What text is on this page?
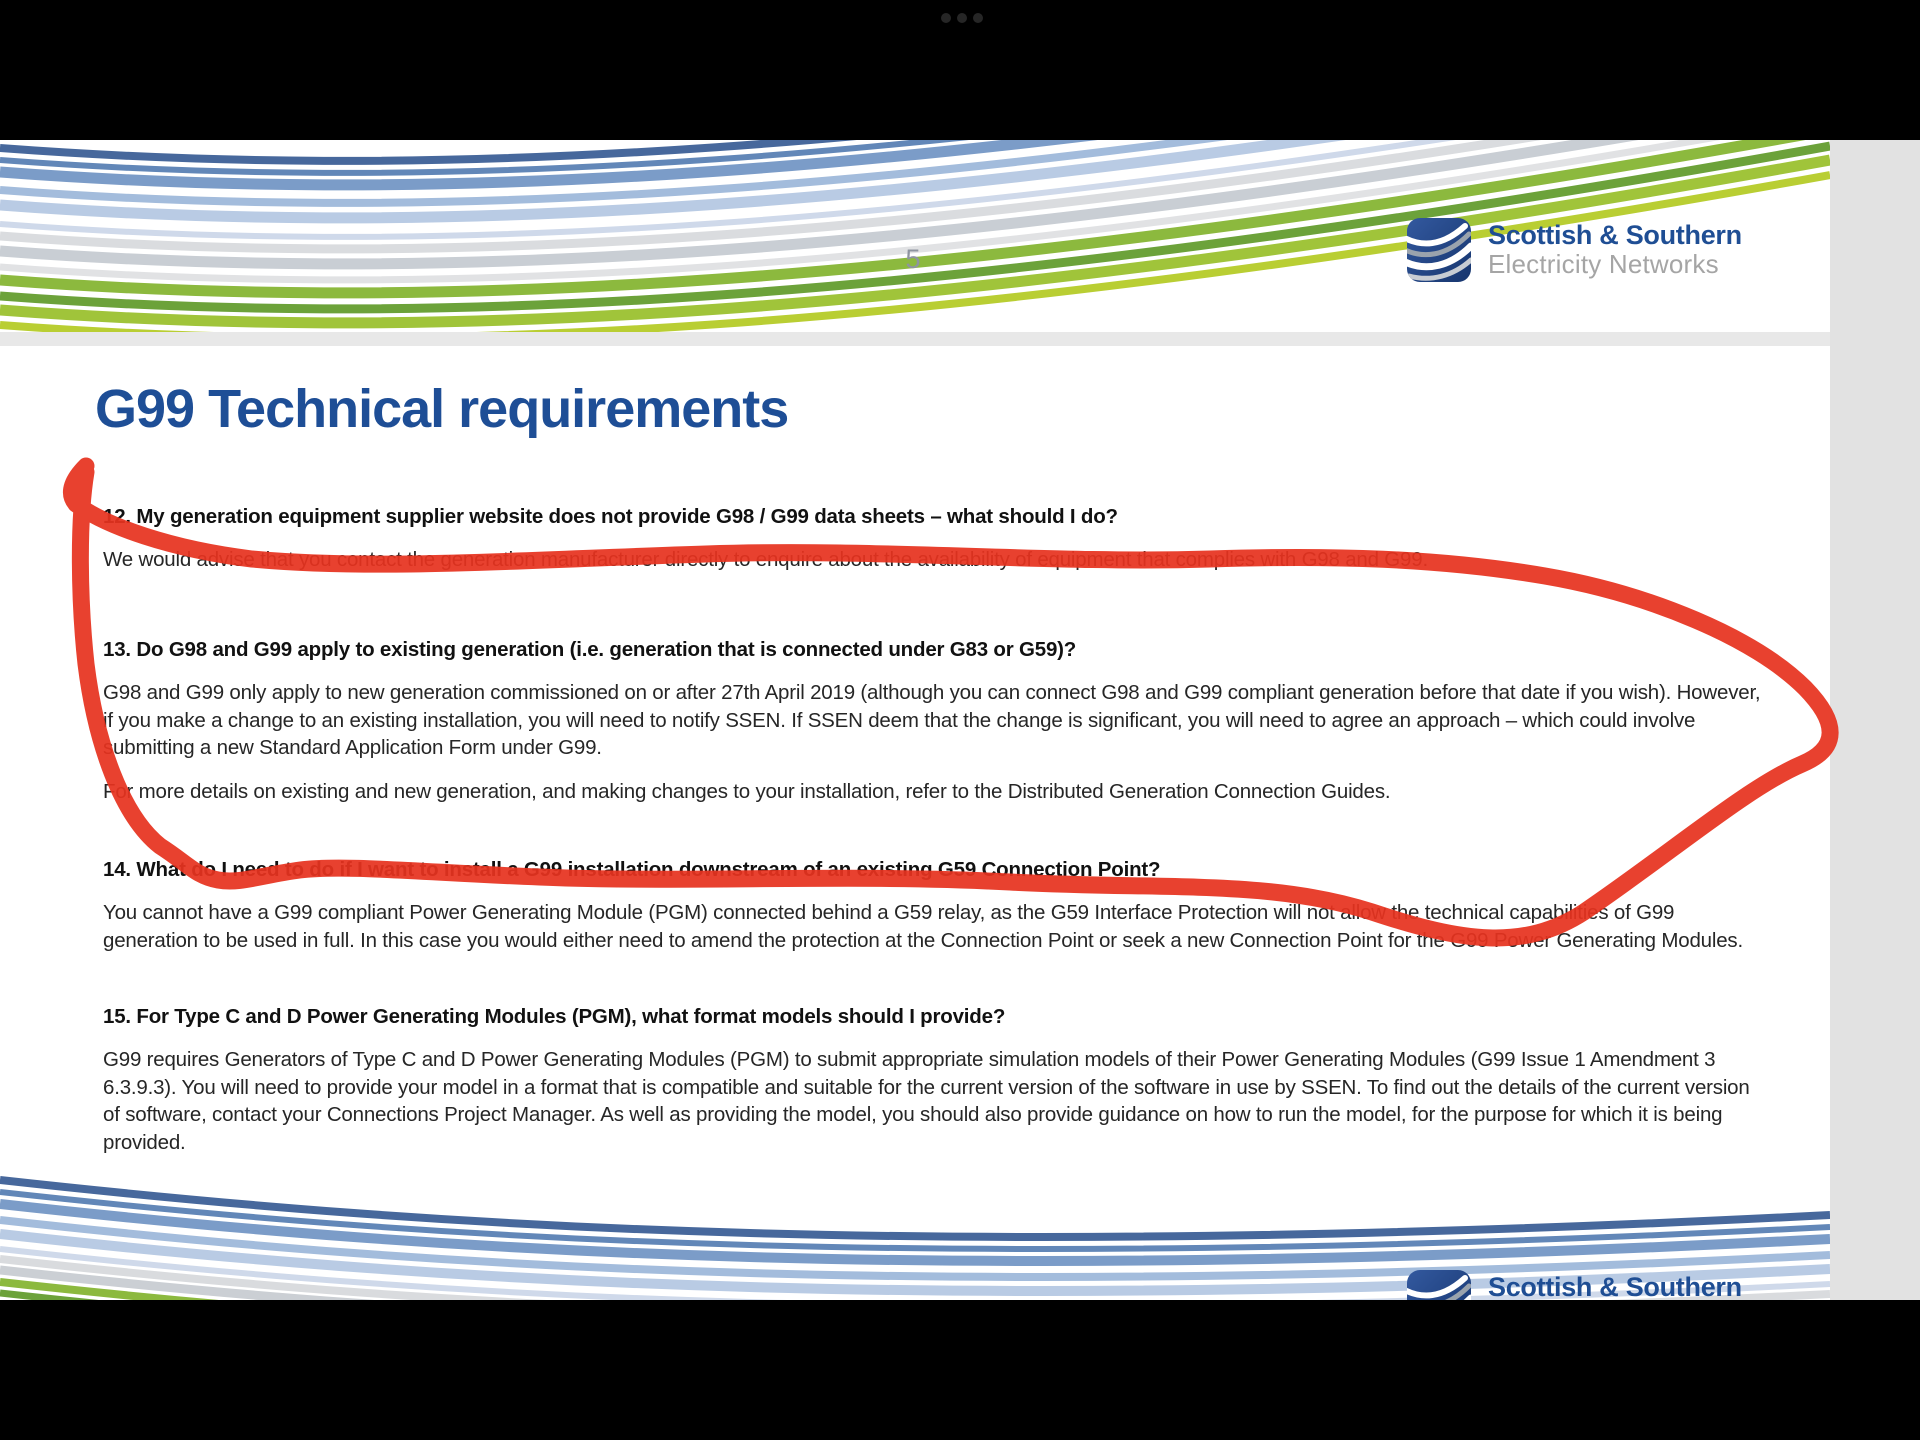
5
Scottish & Southern
Electricity Networks
G99 Technical requirements
12. My generation equipment supplier website does not provide G98 / G99 data sheets – what should I do?

We would advise that you contact the generation manufacturer directly to enquire about the availability of equipment that complies with G98 and G99.

13. Do G98 and G99 apply to existing generation (i.e. generation that is connected under G83 or G59)?

G98 and G99 only apply to new generation commissioned on or after 27th April 2019 (although you can connect G98 and G99 compliant generation before that date if you wish). However, if you make a change to an existing installation, you will need to notify SSEN. If SSEN deem that the change is significant, you will need to agree an approach – which could involve submitting a new Standard Application Form under G99.

For more details on existing and new generation, and making changes to your installation, refer to the Distributed Generation Connection Guides.

14. What do I need to do if I want to install a G99 installation downstream of an existing G59 Connection Point?

You cannot have a G99 compliant Power Generating Module (PGM) connected behind a G59 relay, as the G59 Interface Protection will not allow the technical capabilities of G99 generation to be used in full. In this case you would either need to amend the protection at the Connection Point or seek a new Connection Point for the G99 Power Generating Modules.

15. For Type C and D Power Generating Modules (PGM), what format models should I provide?

G99 requires Generators of Type C and D Power Generating Modules (PGM) to submit appropriate simulation models of their Power Generating Modules (G99 Issue 1 Amendment 3 6.3.9.3). You will need to provide your model in a format that is compatible and suitable for the current version of the software in use by SSEN. To find out the details of the current version of software, contact your Connections Project Manager. As well as providing the model, you should also provide guidance on how to run the model, for the purpose for which it is being provided.

Scottish & Southern
